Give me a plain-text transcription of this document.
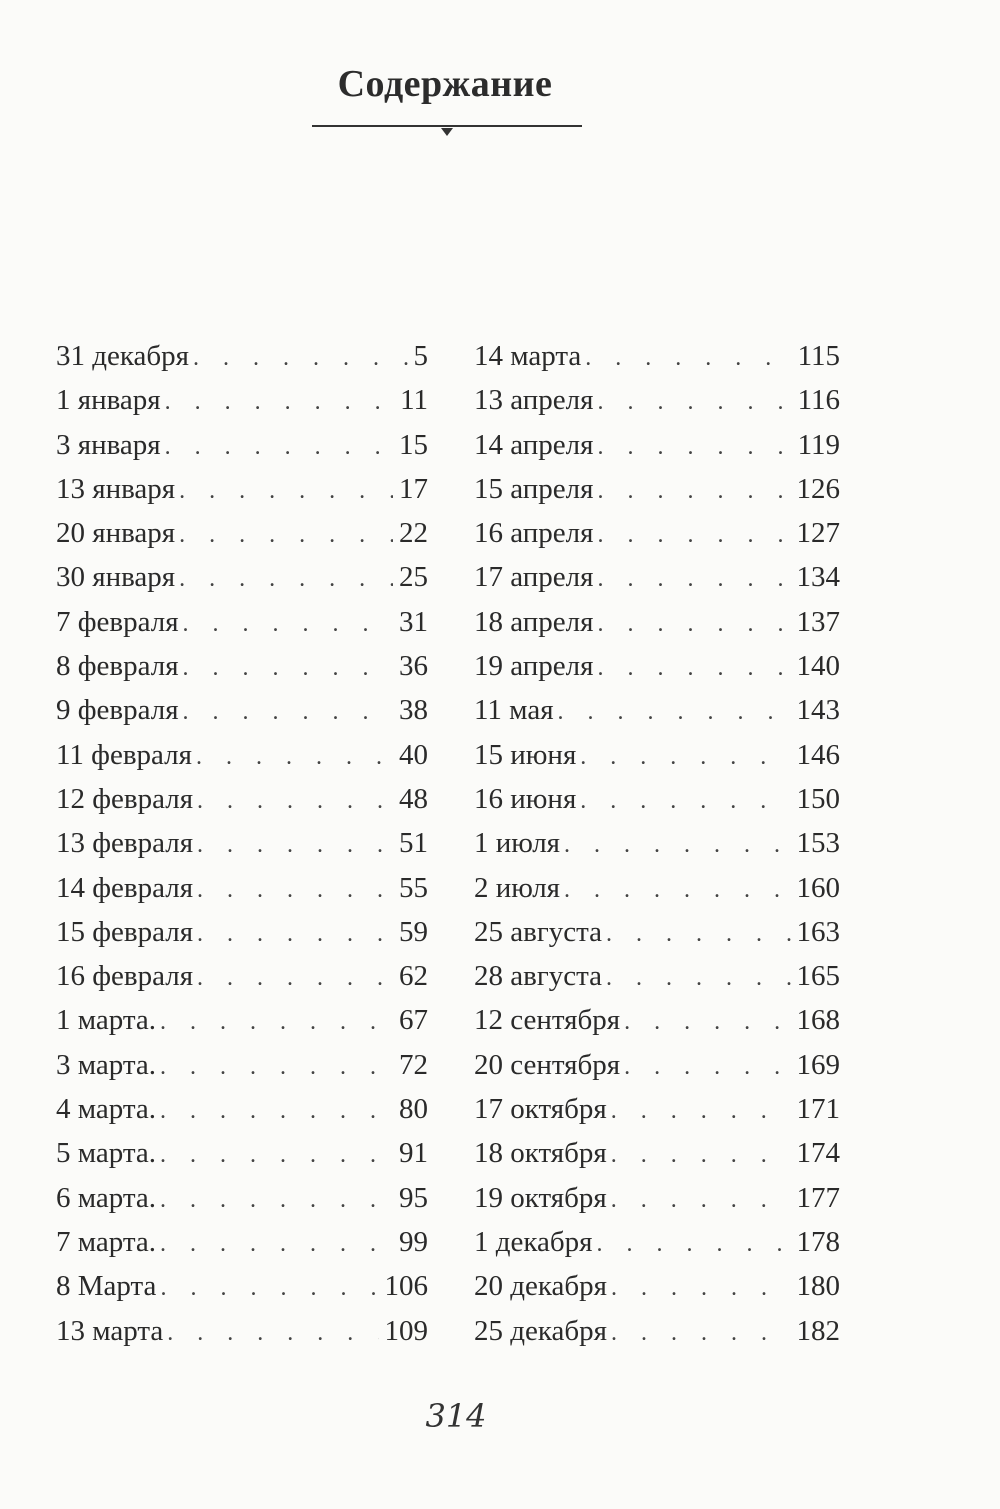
Содержание
31 декабря . . .	5
1 января . . .	11
3 января . . .	15
13 января . . .	17
20 января . . .	22
30 января . . .	25
7 февраля . . .	31
8 февраля . . .	36
9 февраля . . .	38
11 февраля . . .	40
12 февраля . . .	48
13 февраля . . .	51
14 февраля . . .	55
15 февраля . . .	59
16 февраля . . .	62
1 марта. . . .	67
3 марта. . . .	72
4 марта. . . .	80
5 марта. . . .	91
6 марта. . . .	95
7 марта. . . .	99
8 Марта . . .	106
13 марта . . .	109
14 марта . . .	115
13 апреля . . .	116
14 апреля . . .	119
15 апреля . . .	126
16 апреля . . .	127
17 апреля . . .	134
18 апреля . . .	137
19 апреля . . .	140
11 мая . . .	143
15 июня . . .	146
16 июня . . .	150
1 июля . . .	153
2 июля . . .	160
25 августа . . .	163
28 августа . . .	165
12 сентября . . .	168
20 сентября . . .	169
17 октября . . .	171
18 октября . . .	174
19 октября . . .	177
1 декабря . . .	178
20 декабря . . .	180
25 декабря . . .	182
314
